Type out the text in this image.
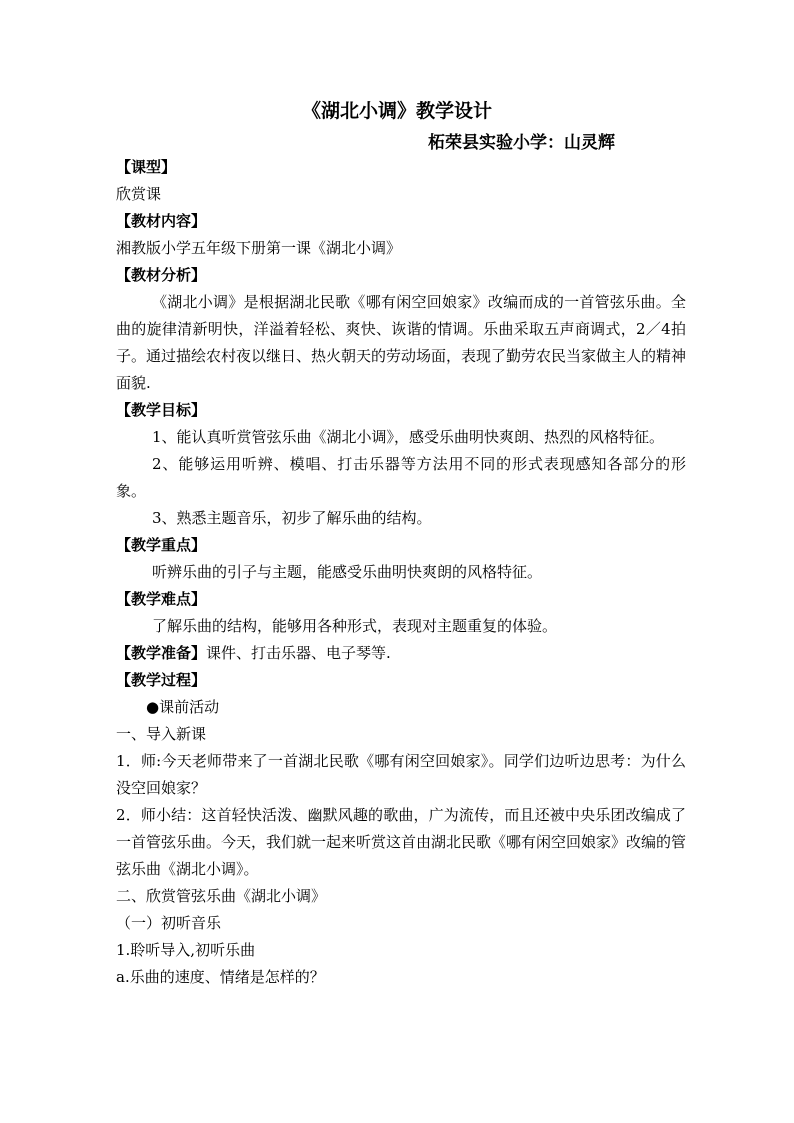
《湖北小调》教学设计
柘荣县实验小学：山灵辉
【课型】
欣赏课
【教材内容】
湘教版小学五年级下册第一课《湖北小调》
【教材分析】
《湖北小调》是根据湖北民歌《哪有闲空回娘家》改编而成的一首管弦乐曲。全曲的旋律清新明快，洋溢着轻松、爽快、诙谐的情调。乐曲采取五声商调式，2／4拍子。通过描绘农村夜以继日、热火朝天的劳动场面，表现了勤劳农民当家做主人的精神面貌.
【教学目标】
1、能认真听赏管弦乐曲《湖北小调》，感受乐曲明快爽朗、热烈的风格特征。
2、能够运用听辨、模唱、打击乐器等方法用不同的形式表现感知各部分的形象。
3、熟悉主题音乐，初步了解乐曲的结构。
【教学重点】
听辨乐曲的引子与主题，能感受乐曲明快爽朗的风格特征。
【教学难点】
了解乐曲的结构，能够用各种形式，表现对主题重复的体验。
【教学准备】课件、打击乐器、电子琴等.
【教学过程】
●课前活动
一、导入新课
1．师:今天老师带来了一首湖北民歌《哪有闲空回娘家》。同学们边听边思考：为什么没空回娘家？
2．师小结：这首轻快活泼、幽默风趣的歌曲，广为流传，而且还被中央乐团改编成了一首管弦乐曲。今天，我们就一起来听赏这首由湖北民歌《哪有闲空回娘家》改编的管弦乐曲《湖北小调》。
二、欣赏管弦乐曲《湖北小调》
（一）初听音乐
1.聆听导入,初听乐曲
a.乐曲的速度、情绪是怎样的？
